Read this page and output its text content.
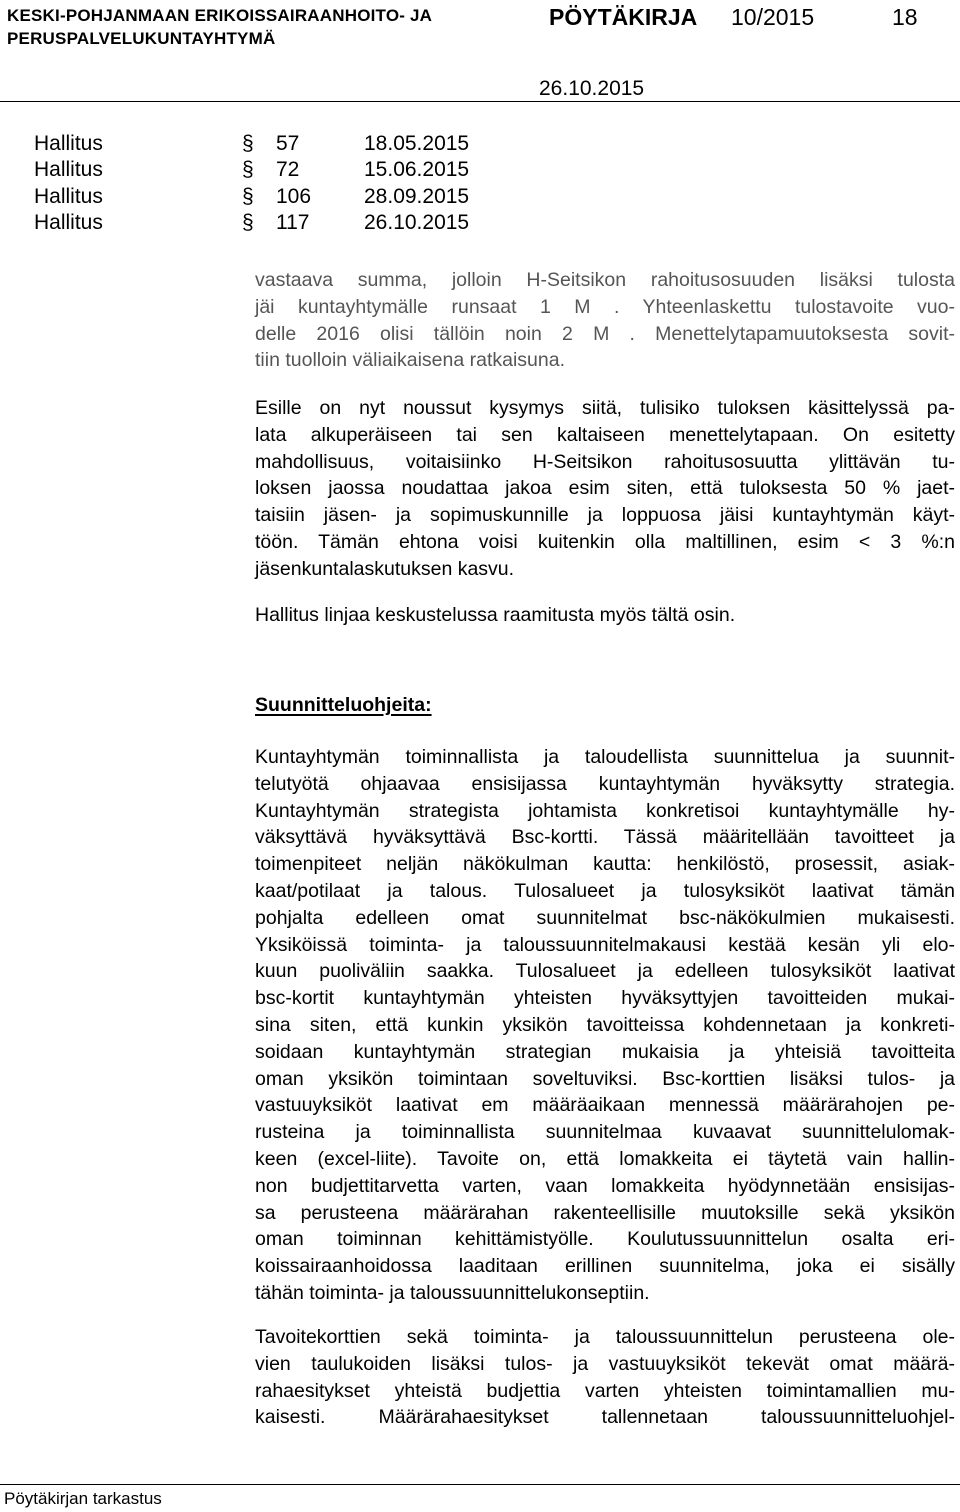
KESKI-POHJANMAAN ERIKOISSAIRAANHOITO- JA
PERUSPALVELUKUNTAYHTYMÄ
PÖYTÄKIRJA 10/2015	18
26.10.2015
Hallitus	§ 57	18.05.2015
Hallitus	§ 72	15.06.2015
Hallitus	§ 106	28.09.2015
Hallitus	§ 117	26.10.2015
vastaava summa, jolloin H-Seitsikon rahoitusosuuden lisäksi tulosta
jäi kuntayhtymälle runsaat 1 M . Yhteenlaskettu tulostavoite vuo-
delle 2016 olisi tällöin noin 2 M . Menettelytapamuutoksesta sovit-
tiin tuolloin väliaikaisena ratkaisuna.
Esille on nyt noussut kysymys siitä, tulisiko tuloksen käsittelyssä pa-
lata alkuperäiseen tai sen kaltaiseen menettelytapaan. On esitetty
mahdollisuus, voitaisiinko H-Seitsikon rahoitusosuutta ylittävän tu-
loksen jaossa noudattaa jakoa esim siten, että tuloksesta 50 % jaet-
taisiin jäsen- ja sopimuskunnille ja loppuosa jäisi kuntayhtymän käyt-
töön. Tämän ehtona voisi kuitenkin olla maltillinen, esim < 3 %:n
jäsenkuntalaskutuksen kasvu.
Hallitus linjaa keskustelussa raamitusta myös tältä osin.
Suunnitteluohjeita:
Kuntayhtymän toiminnallista ja taloudellista suunnittelua ja suunnit-
telutyötä ohjaavaa ensisijassa kuntayhtymän hyväksytty strategia.
Kuntayhtymän strategista johtamista konkretisoi kuntayhtymälle hy-
väksyttävä hyväksyttävä Bsc-kortti. Tässä määritellään tavoitteet ja
toimenpiteet neljän näkökulman kautta: henkilöstö, prosessit, asiak-
kaat/potilaat ja talous. Tulosalueet ja tulosyksiköt laativat tämän
pohjalta edelleen omat suunnitelmat bsc-näkökulmien mukaisesti.
Yksiköissä toiminta- ja taloussuunnitelmakausi kestää kesän yli elo-
kuun puoliväliin saakka. Tulosalueet ja edelleen tulosyksiköt laativat
bsc-kortit kuntayhtymän yhteisten hyväksyttyjen tavoitteiden mukai-
sina siten, että kunkin yksikön tavoitteissa kohdennetaan ja konkreti-
soidaan kuntayhtymän strategian mukaisia ja yhteisiä tavoitteita
oman yksikön toimintaan soveltuviksi. Bsc-korttien lisäksi tulos- ja
vastuuyksiköt laativat em määräaikaan mennessä määrärahojen pe-
rusteina ja toiminnallista suunnitelmaa kuvaavat suunnittelulomak-
keen (excel-liite). Tavoite on, että lomakkeita ei täytetä vain hallin-
non budjettitarvetta varten, vaan lomakkeita hyödynnetään ensisijas-
sa perusteena määrärahan rakenteellisille muutoksille sekä yksikön
oman toiminnan kehittämistyölle. Koulutussuunnittelun osalta eri-
koissairaanhoidossa laaditaan erillinen suunnitelma, joka ei sisälly
tähän toiminta- ja taloussuunnittelukonseptiin.
Tavoitekorttien sekä toiminta- ja taloussuunnittelun perusteena ole-
vien taulukoiden lisäksi tulos- ja vastuuyksiköt tekevät omat määrä-
rahaesitykset yhteistä budjettia varten yhteisten toimintamallien mu-
kaisesti. Määrärahaesitykset tallennetaan taloussuunnitteluohjel-
Pöytäkirjan tarkastus
